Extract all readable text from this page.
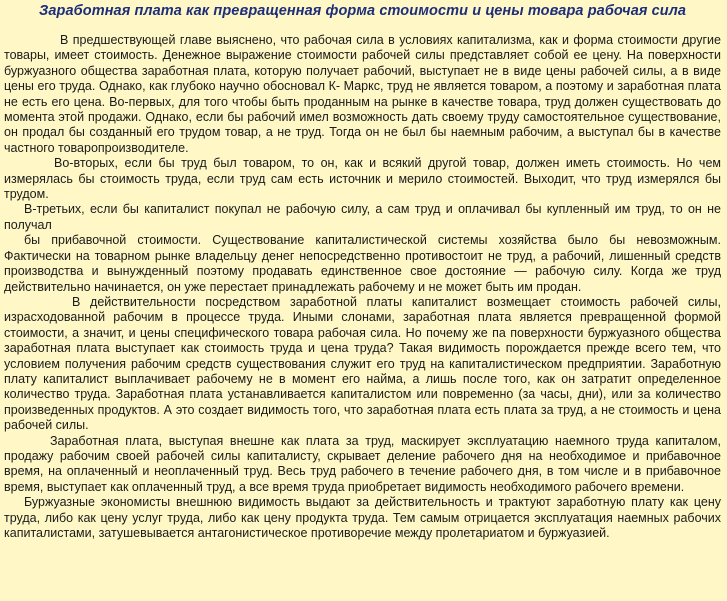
Заработная плата как превращенная форма стоимости и цены товара рабочая сила

В предшествующей главе выяснено, что рабочая сила в условиях капитализма, как и форма стоимости другие товары, имеет стоимость. Денежное выражение стоимости рабочей силы представляет собой ее цену. На поверхности буржуазного общества заработная плата, которую получает рабочий, выступает не в виде цены рабочей силы, а в виде цены его труда. Однако, как глубоко научно обосновал К- Маркс, труд не является товаром, а поэтому и заработная плата не есть его цена. Во-первых, для того чтобы быть проданным на рынке в качестве товара, труд должен существовать до момента этой продажи. Однако, если бы рабочий имел возможность дать своему труду самостоятельное существование, он продал бы созданный его трудом товар, а не труд. Тогда он не был бы наемным рабочим, а выступал бы в качестве частного товаропроизводителе.

Во-вторых, если бы труд был товаром, то он, как и всякий другой товар, должен иметь стоимость. Но чем измерялась бы стоимость труда, если труд сам есть источник и мерило стоимостей. Выходит, что труд измерялся бы трудом.

В-третьих, если бы капиталист покупал не рабочую силу, а сам труд и оплачивал бы купленный им труд, то он не получал

бы прибавочной стоимости. Существование капиталистической системы хозяйства было бы невозможным. Фактически на товарном рынке владельцу денег непосредственно противостоит не труд, а рабочий, лишенный средств производства и вынужденный поэтому продавать единственное свое достояние — рабочую силу. Когда же труд действительно начинается, он уже перестает принадлежать рабочему и не может быть им продан.

В действительности посредством заработной платы капиталист возмещает стоимость рабочей силы, израсходованной рабочим в процессе труда. Иными слонами, заработная плата является превращенной формой стоимости, а значит, и цены специфического товара рабочая сила. Но почему же па поверхности буржуазного общества заработная плата выступает как стоимость труда и цена труда? Такая видимость порождается прежде всего тем, что условием получения рабочим средств существования служит его труд на капиталистическом предприятии. Заработную плату капиталист выплачивает рабочему не в момент его найма, а лишь после того, как он затратит определенное количество труда. Заработная плата устанавливается капиталистом или повременно (за часы, дни), или за количество произведенных продуктов. А это создает видимость того, что заработная плата есть плата за труд, а не стоимость и цена рабочей силы.

Заработная плата, выступая внешне как плата за труд, маскирует эксплуатацию наемного труда капиталом, продажу рабочим своей рабочей силы капиталисту, скрывает деление рабочего дня на необходимое и прибавочное время, на оплаченный и неоплаченный труд. Весь труд рабочего в течение рабочего дня, в том числе и в прибавочное время, выступает как оплаченный труд, а все время труда приобретает видимость необходимого рабочего времени.

Буржуазные экономисты внешнюю видимость выдают за действительность и трактуют заработную плату как цену труда, либо как цену услуг труда, либо как цену продукта труда. Тем самым отрицается эксплуатация наемных рабочих капиталистами, затушевывается антагонистическое противоречие между пролетариатом и буржуазией.
